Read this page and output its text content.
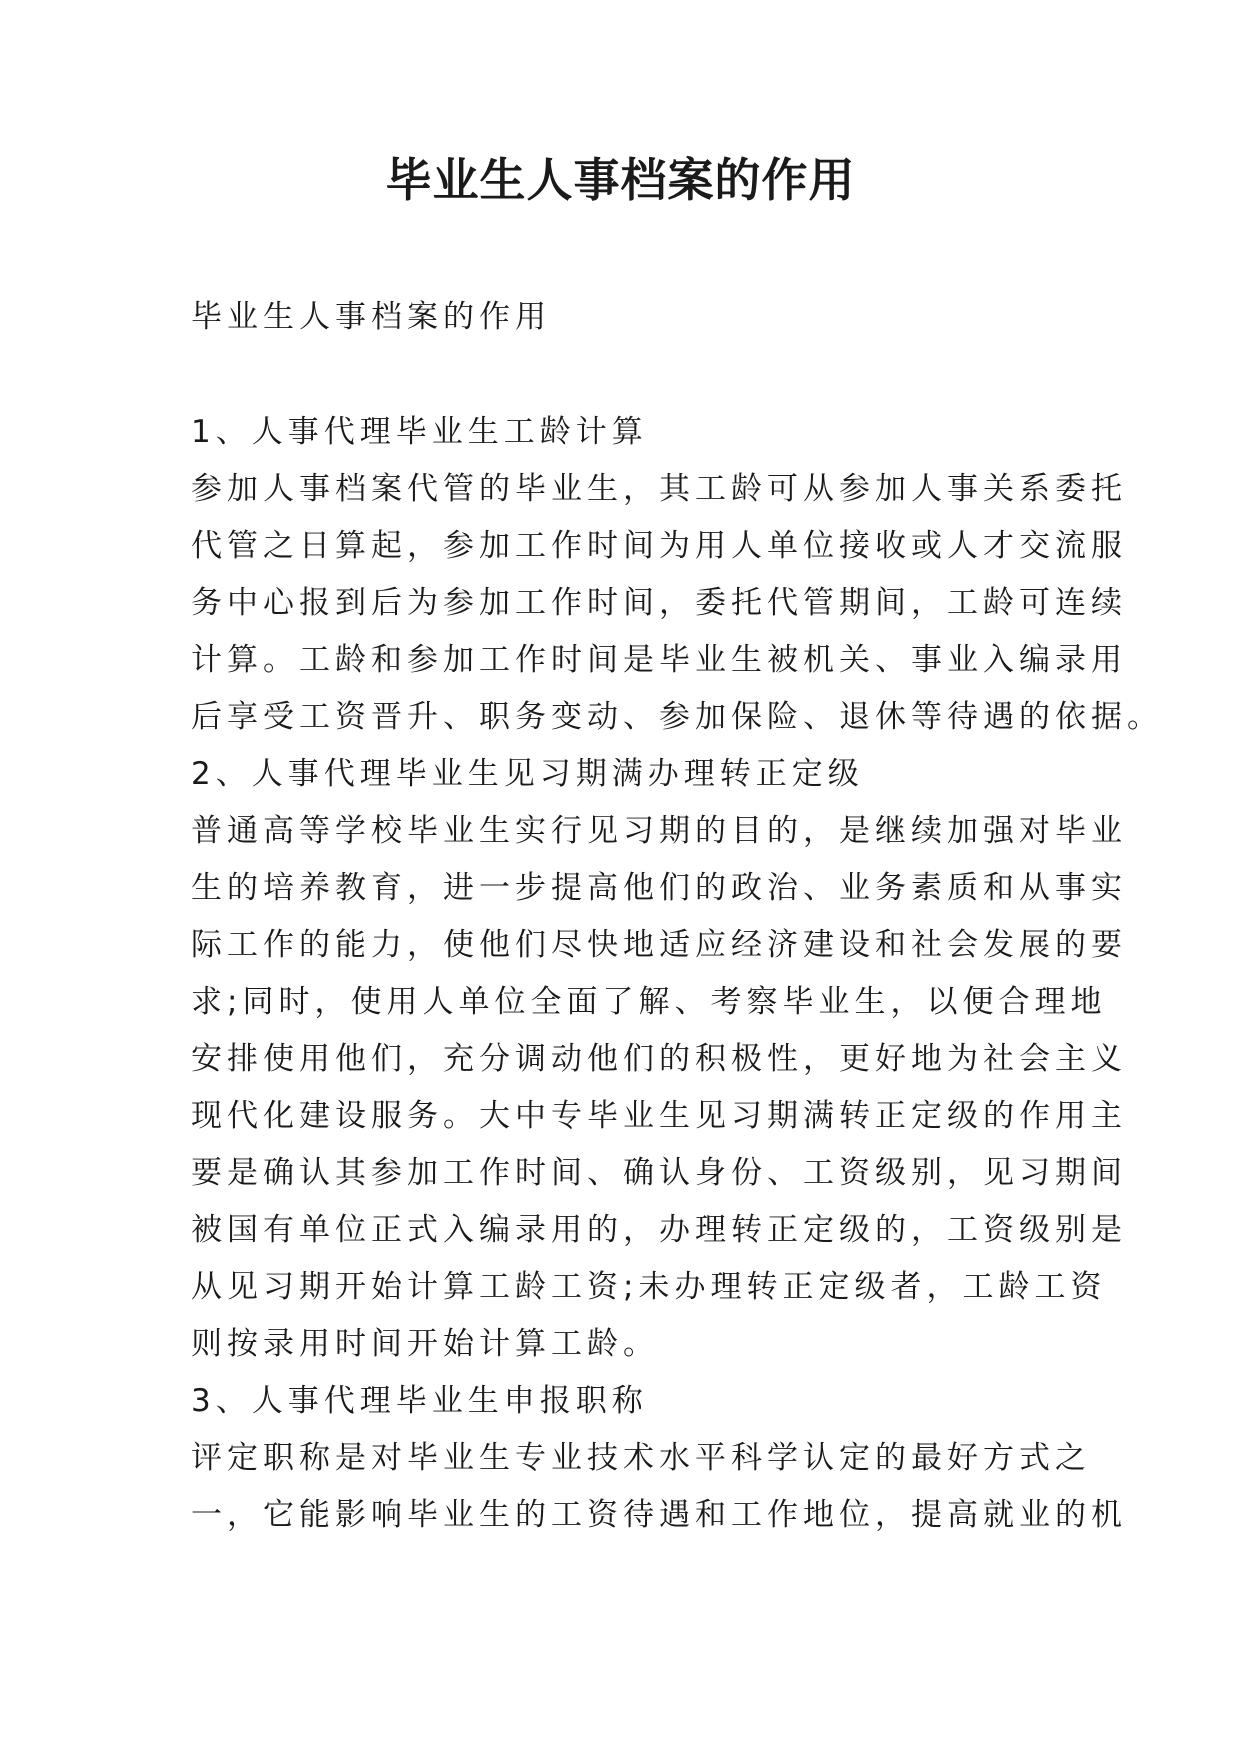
毕业生人事档案的作用
毕业生人事档案的作用
1、人事代理毕业生工龄计算
参加人事档案代管的毕业生，其工龄可从参加人事关系委托
代管之日算起，参加工作时间为用人单位接收或人才交流服
务中心报到后为参加工作时间，委托代管期间，工龄可连续
计算。工龄和参加工作时间是毕业生被机关、事业入编录用
后享受工资晋升、职务变动、参加保险、退休等待遇的依据。
2、人事代理毕业生见习期满办理转正定级
普通高等学校毕业生实行见习期的目的，是继续加强对毕业
生的培养教育，进一步提高他们的政治、业务素质和从事实
际工作的能力，使他们尽快地适应经济建设和社会发展的要
求;同时，使用人单位全面了解、考察毕业生，以便合理地
安排使用他们，充分调动他们的积极性，更好地为社会主义
现代化建设服务。大中专毕业生见习期满转正定级的作用主
要是确认其参加工作时间、确认身份、工资级别，见习期间
被国有单位正式入编录用的，办理转正定级的，工资级别是
从见习期开始计算工龄工资;未办理转正定级者，工龄工资
则按录用时间开始计算工龄。
3、人事代理毕业生申报职称
评定职称是对毕业生专业技术水平科学认定的最好方式之
一，它能影响毕业生的工资待遇和工作地位，提高就业的机
